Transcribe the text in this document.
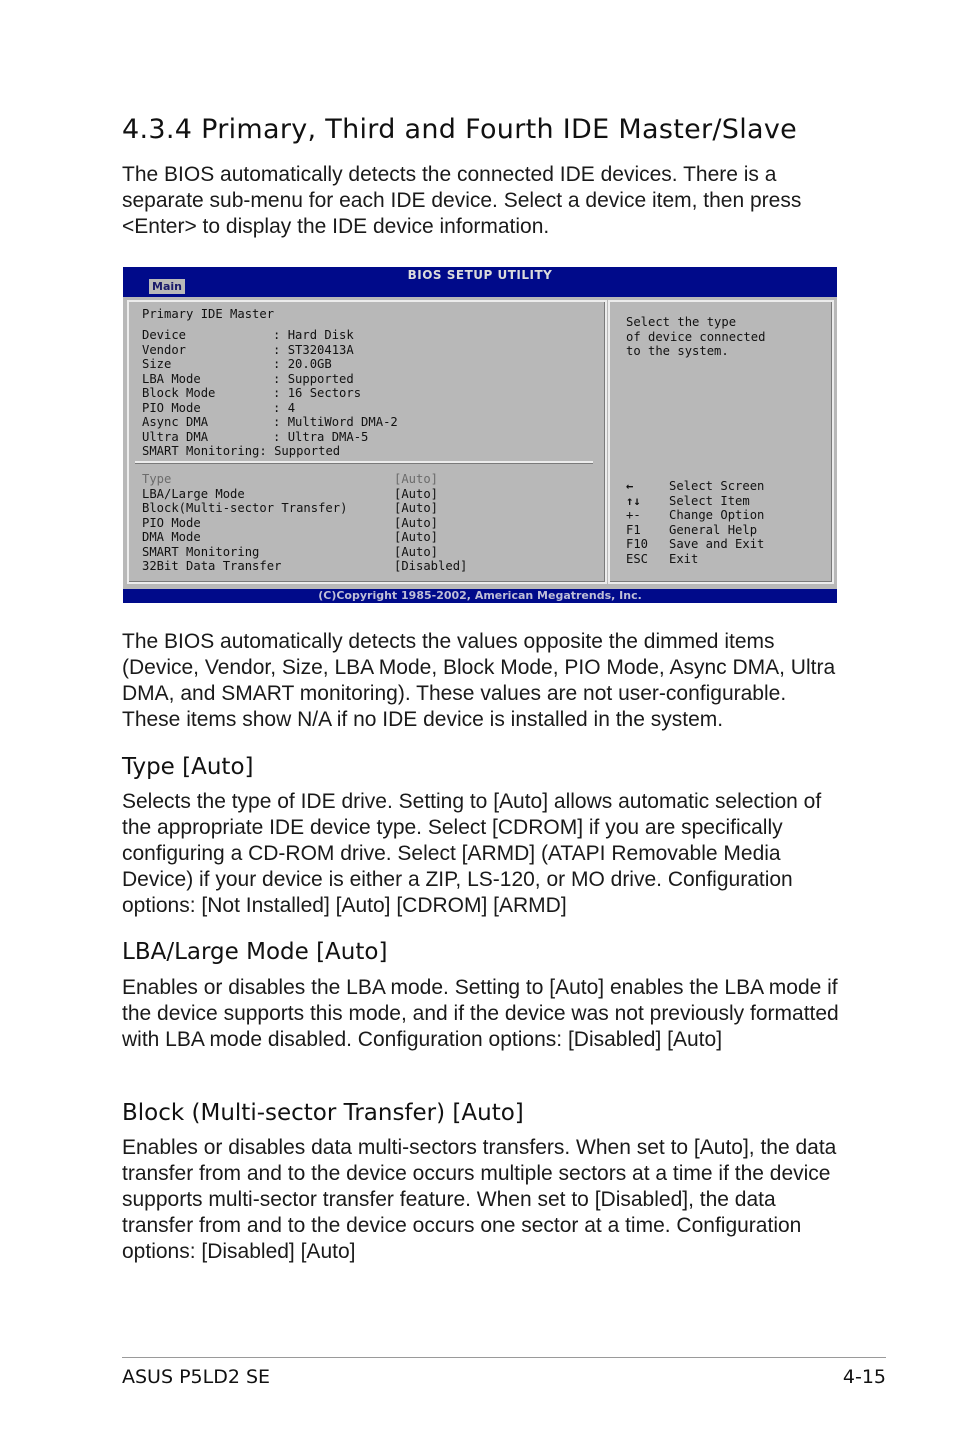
4.3.4 Primary, Third and Fourth IDE Master/Slave

The BIOS automatically detects the connected IDE devices. There is a separate sub-menu for each IDE device. Select a device item, then press <Enter> to display the IDE device information.

BIOS SETUP UTILITY
Main
Primary IDE Master
Device	: Hard Disk
Vendor	: ST320413A
Size	: 20.0GB
LBA Mode	: Supported
Block Mode	: 16 Sectors
PIO Mode	: 4
Async DMA	: MultiWord DMA-2
Ultra DMA	: Ultra DMA-5
SMART Monitoring: Supported
Type	[Auto]
LBA/Large Mode	[Auto]
Block(Multi-sector Transfer)	[Auto]
PIO Mode	[Auto]
DMA Mode	[Auto]
SMART Monitoring	[Auto]
32Bit Data Transfer	[Disabled]
Select the type
of device connected
to the system.
←	Select Screen
↑↓ Select Item
+- Change Option
F1 General Help
F10 Save and Exit
ESC Exit
(C)Copyright 1985-2002, American Megatrends, Inc.

The BIOS automatically detects the values opposite the dimmed items (Device, Vendor, Size, LBA Mode, Block Mode, PIO Mode, Async DMA, Ultra DMA, and SMART monitoring). These values are not user-configurable. These items show N/A if no IDE device is installed in the system.

Type [Auto]

Selects the type of IDE drive. Setting to [Auto] allows automatic selection of the appropriate IDE device type. Select [CDROM] if you are specifically configuring a CD-ROM drive. Select [ARMD] (ATAPI Removable Media Device) if your device is either a ZIP, LS-120, or MO drive. Configuration options: [Not Installed] [Auto] [CDROM] [ARMD]

LBA/Large Mode [Auto]

Enables or disables the LBA mode. Setting to [Auto] enables the LBA mode if the device supports this mode, and if the device was not previously formatted with LBA mode disabled. Configuration options: [Disabled] [Auto]

Block (Multi-sector Transfer) [Auto]

Enables or disables data multi-sectors transfers. When set to [Auto], the data transfer from and to the device occurs multiple sectors at a time if the device supports multi-sector transfer feature. When set to [Disabled], the data transfer from and to the device occurs one sector at a time. Configuration options: [Disabled] [Auto]

ASUS P5LD2 SE	4-15
